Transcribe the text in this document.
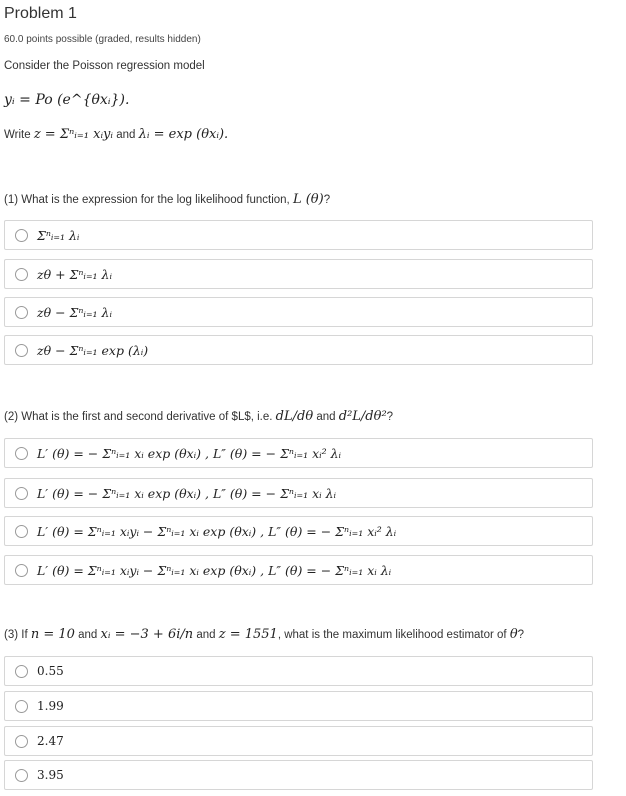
Problem 1
60.0 points possible (graded, results hidden)
Consider the Poisson regression model
yᵢ = Po (e^{θxᵢ}).
Write z = Σⁿᵢ₌₁ xᵢyᵢ and λᵢ = exp (θxᵢ).
(1) What is the expression for the log likelihood function, L (θ)?
Σⁿᵢ₌₁ λᵢ
zθ + Σⁿᵢ₌₁ λᵢ
zθ − Σⁿᵢ₌₁ λᵢ
zθ − Σⁿᵢ₌₁ exp (λᵢ)
(2) What is the first and second derivative of $L$, i.e. dL/dθ and d²L/dθ²?
L′ (θ) = − Σⁿᵢ₌₁ xᵢ exp (θxᵢ) , L″ (θ) = − Σⁿᵢ₌₁ xᵢ² λᵢ
L′ (θ) = − Σⁿᵢ₌₁ xᵢ exp (θxᵢ) , L″ (θ) = − Σⁿᵢ₌₁ xᵢ λᵢ
L′ (θ) = Σⁿᵢ₌₁ xᵢyᵢ − Σⁿᵢ₌₁ xᵢ exp (θxᵢ) , L″ (θ) = − Σⁿᵢ₌₁ xᵢ² λᵢ
L′ (θ) = Σⁿᵢ₌₁ xᵢyᵢ − Σⁿᵢ₌₁ xᵢ exp (θxᵢ) , L″ (θ) = − Σⁿᵢ₌₁ xᵢ λᵢ
(3) If n = 10 and xᵢ = −3 + 6i/n and z = 1551, what is the maximum likelihood estimator of θ?
0.55
1.99
2.47
3.95
